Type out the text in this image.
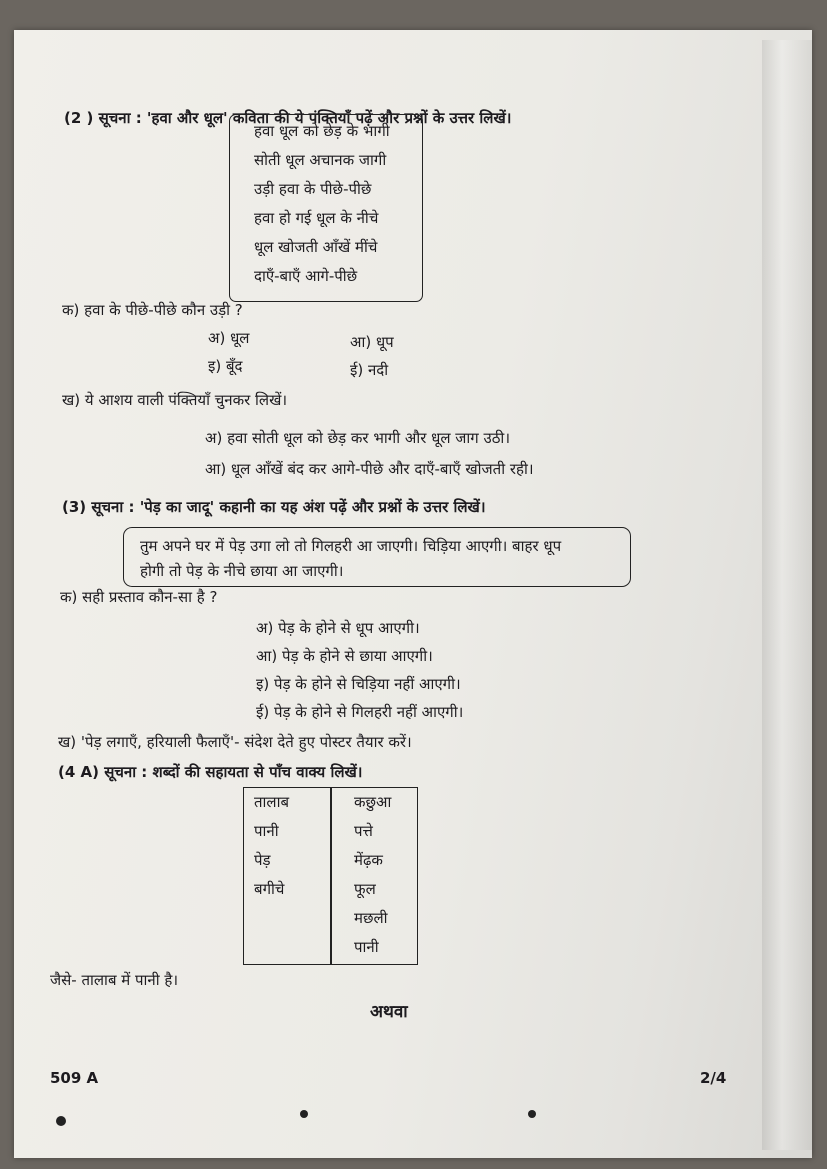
(2 ) सूचना : 'हवा और धूल' कविता की ये पंक्तियाँ पढ़ें और प्रश्नों के उत्तर लिखें।
हवा धूल को छेड़ के भागी
सोती धूल अचानक जागी
उड़ी हवा के पीछे-पीछे
हवा हो गई धूल के नीचे
धूल खोजती आँखें मींचे
दाएँ-बाएँ आगे-पीछे
क) हवा के पीछे-पीछे कौन उड़ी ?
अ) धूल	आ) धूप
इ) बूँद	ई) नदी
ख) ये आशय वाली पंक्तियाँ चुनकर लिखें।
अ) हवा सोती धूल को छेड़ कर भागी और धूल जाग उठी।
आ) धूल आँखें बंद कर आगे-पीछे और दाएँ-बाएँ खोजती रही।
(3) सूचना : 'पेड़ का जादू' कहानी का यह अंश पढ़ें और प्रश्नों के उत्तर लिखें।
तुम अपने घर में पेड़ उगा लो तो गिलहरी आ जाएगी। चिड़िया आएगी। बाहर धूप
होगी तो पेड़ के नीचे छाया आ जाएगी।
क) सही प्रस्ताव कौन-सा है ?
अ) पेड़ के होने से धूप आएगी।
आ) पेड़ के होने से छाया आएगी।
इ) पेड़ के होने से चिड़िया नहीं आएगी।
ई) पेड़ के होने से गिलहरी नहीं आएगी।
ख) 'पेड़ लगाएँ, हरियाली फैलाएँ'- संदेश देते हुए पोस्टर तैयार करें।
(4 A) सूचना : शब्दों की सहायता से पाँच वाक्य लिखें।
तालाब
पानी
पेड़
बगीचे
कछुआ
पत्ते
मेंढ़क
फूल
मछली
पानी
जैसे- तालाब में पानी है।
अथवा
509 A	2/4
